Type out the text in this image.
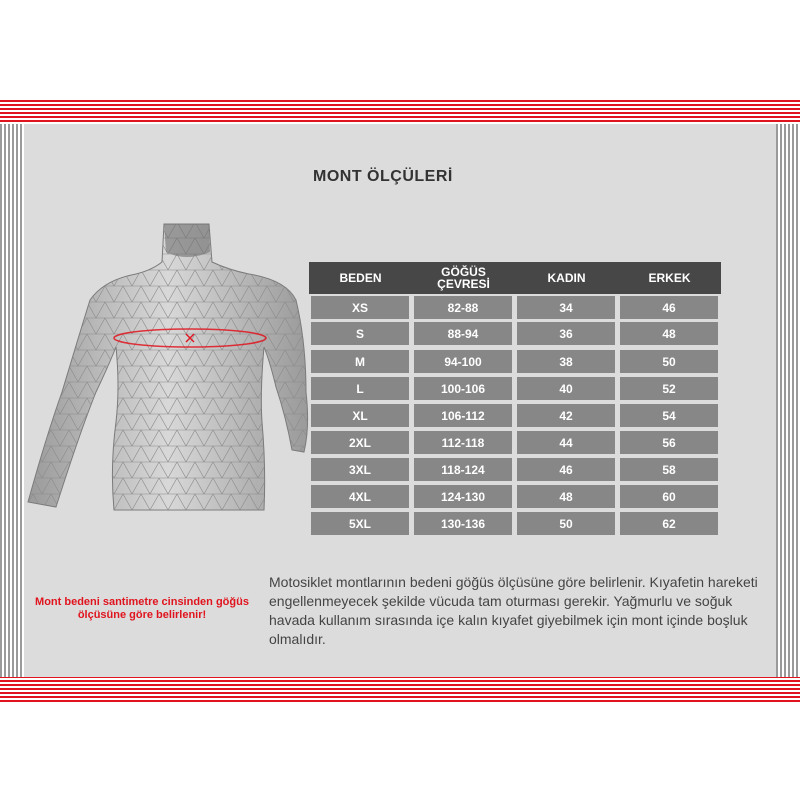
MONT ÖLÇÜLERİ
BEDEN	GÖĞÜS ÇEVRESİ	KADIN	ERKEK
XS	82-88	34	46
S	88-94	36	48
M	94-100	38	50
L	100-106	40	52
XL	106-112	42	54
2XL	112-118	44	56
3XL	118-124	46	58
4XL	124-130	48	60
5XL	130-136	50	62
Mont bedeni santimetre cinsinden göğüs ölçüsüne göre belirlenir!
Motosiklet montlarının bedeni göğüs ölçüsüne göre belirlenir. Kıyafetin hareketi engellenmeyecek şekilde vücuda tam oturması gerekir. Yağmurlu ve soğuk havada kullanım sırasında içe kalın kıyafet giyebilmek için mont içinde boşluk olmalıdır.
